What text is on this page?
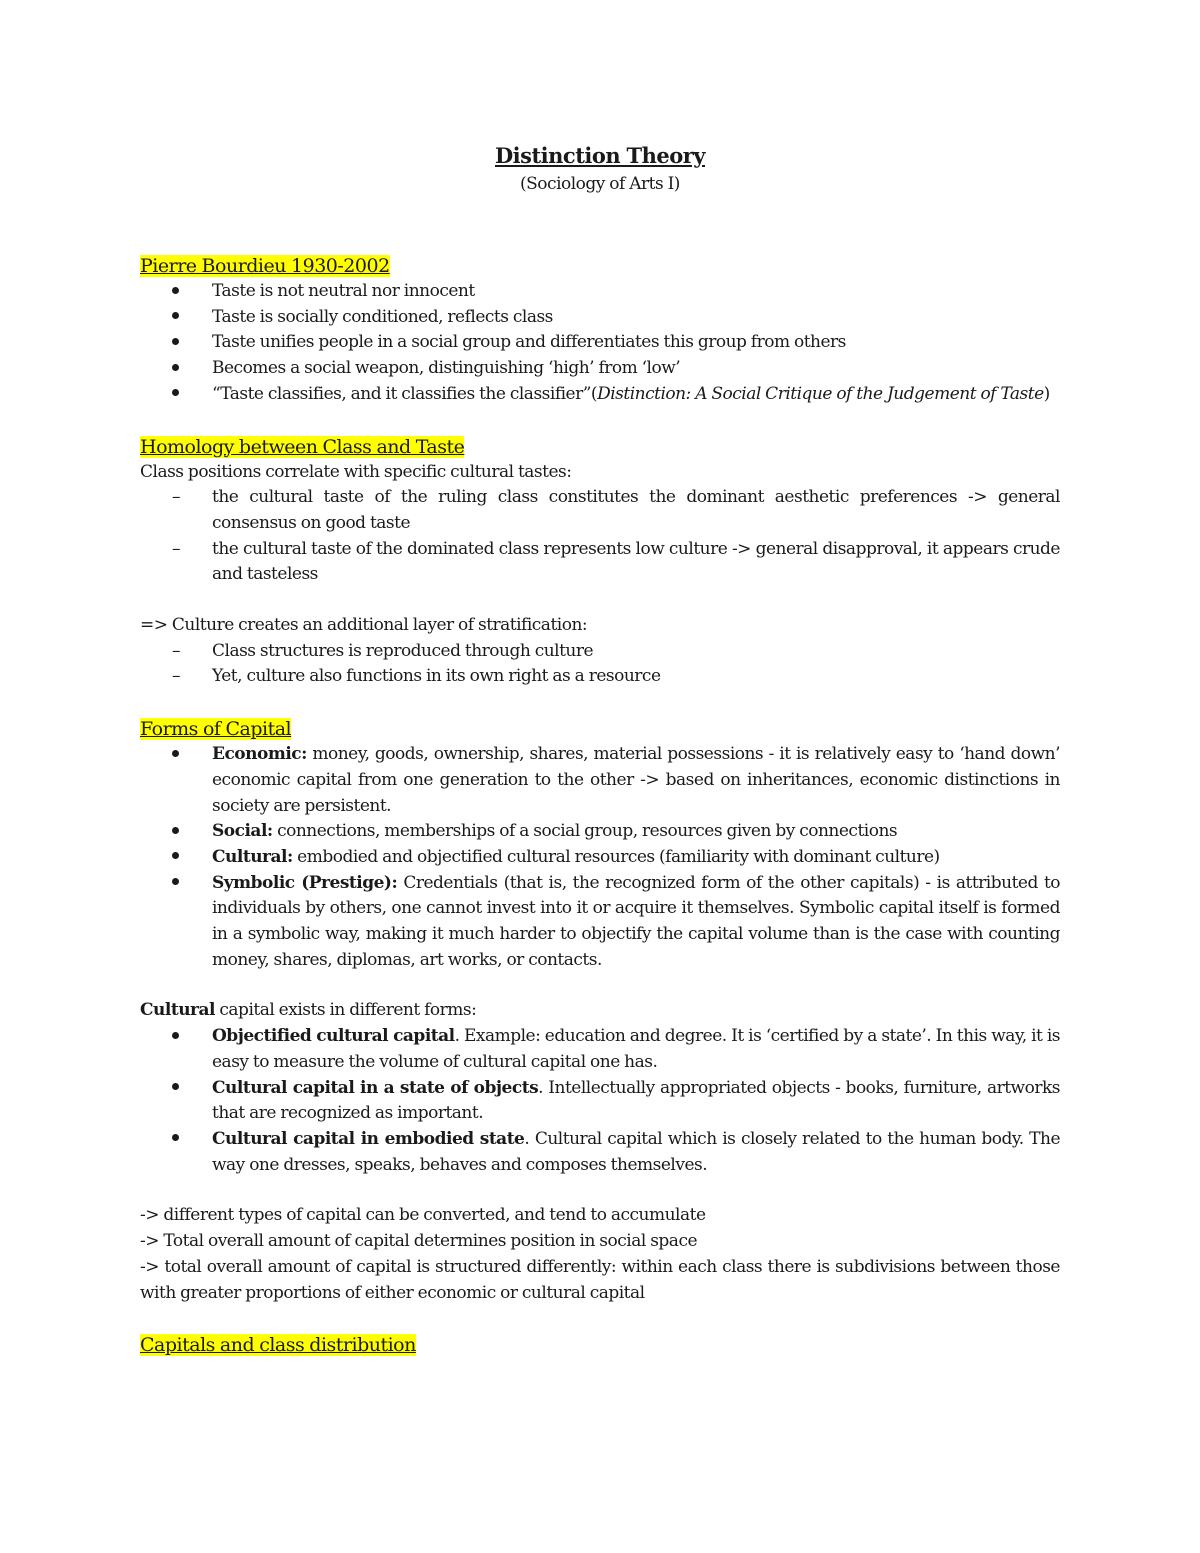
Distinction Theory
(Sociology of Arts I)
Pierre Bourdieu 1930-2002
Taste is not neutral nor innocent
Taste is socially conditioned, reflects class
Taste unifies people in a social group and differentiates this group from others
Becomes a social weapon, distinguishing ‘high’ from ‘low’
“Taste classifies, and it classifies the classifier”(Distinction: A Social Critique of the Judgement of Taste)
Homology between Class and Taste

Class positions correlate with specific cultural tastes:

–	the cultural taste of the ruling class constitutes the dominant aesthetic preferences -> general consensus on good taste
–	the cultural taste of the dominated class represents low culture -> general disapproval, it appears crude and tasteless

=> Culture creates an additional layer of stratification:

–	Class structures is reproduced through culture
–	Yet, culture also functions in its own right as a resource
Forms of Capital
Economic: money, goods, ownership, shares, material possessions - it is relatively easy to ‘hand down’ economic capital from one generation to the other -> based on inheritances, economic distinctions in society are persistent.
Social: connections, memberships of a social group, resources given by connections
Cultural: embodied and objectified cultural resources (familiarity with dominant culture)
Symbolic (Prestige): Credentials (that is, the recognized form of the other capitals) - is attributed to individuals by others, one cannot invest into it or acquire it themselves. Symbolic capital itself is formed in a symbolic way, making it much harder to objectify the capital volume than is the case with counting money, shares, diplomas, art works, or contacts.

Cultural capital exists in different forms:

Objectified cultural capital. Example: education and degree. It is ‘certified by a state’. In this way, it is easy to measure the volume of cultural capital one has.
Cultural capital in a state of objects. Intellectually appropriated objects - books, furniture, artworks that are recognized as important.
Cultural capital in embodied state. Cultural capital which is closely related to the human body. The way one dresses, speaks, behaves and composes themselves.

-> different types of capital can be converted, and tend to accumulate

-> Total overall amount of capital determines position in social space

-> total overall amount of capital is structured differently: within each class there is subdivisions between those with greater proportions of either economic or cultural capital

Capitals and class distribution
